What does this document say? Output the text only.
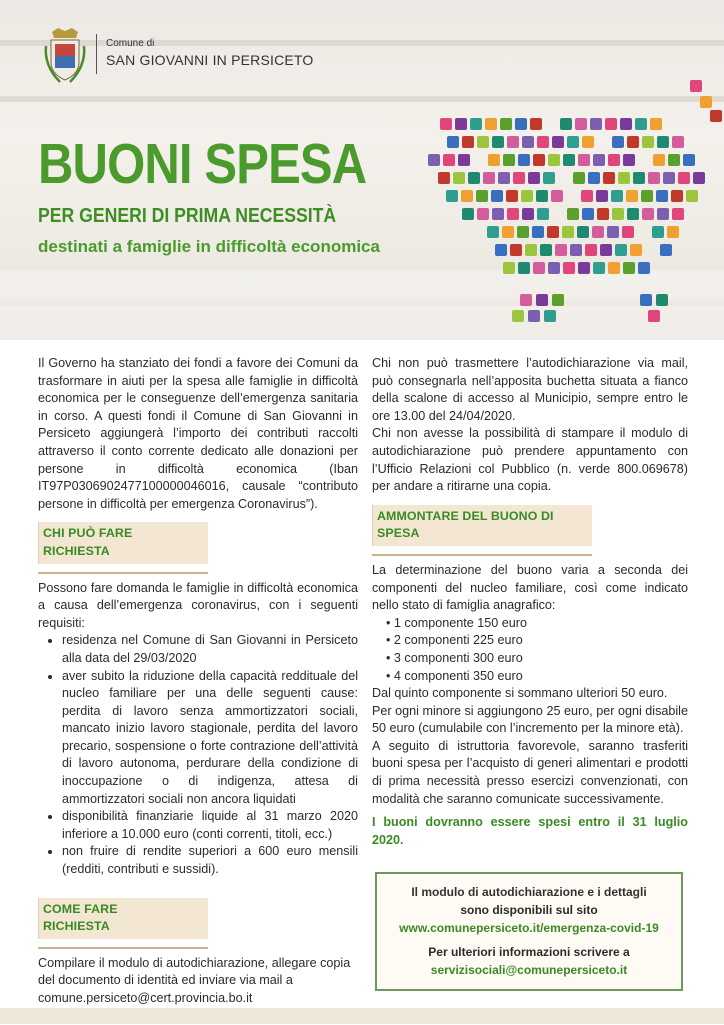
Comune di
SAN GIOVANNI IN PERSICETO
BUONI SPESA
PER GENERI DI PRIMA NECESSITÀ
destinati a famiglie in difficoltà economica

Il Governo ha stanziato dei fondi a favore dei Comuni da trasformare in aiuti per la spesa alle famiglie in difficoltà economica per le conseguenze dell’emergenza sanitaria in corso. A questi fondi il Comune di San Giovanni in Persiceto aggiungerà l’importo dei contributi raccolti attraverso il conto corrente dedicato alle donazioni per persone in difficoltà economica (Iban IT97P0306902477100000046016, causale “contributo persone in difficoltà per emergenza Coronavirus”).

CHI PUÒ FARE RICHIESTA

Possono fare domanda le famiglie in difficoltà economica a causa dell’emergenza coronavirus, con i seguenti requisiti:

• residenza nel Comune di San Giovanni in Persiceto alla data del 29/03/2020
• aver subito la riduzione della capacità reddituale del nucleo familiare per una delle seguenti cause: perdita di lavoro senza ammortizzatori sociali, mancato inizio lavoro stagionale, perdita del lavoro precario, sospensione o forte contrazione dell’attività di lavoro autonoma, perdurare della condizione di inoccupazione o di indigenza, attesa di ammortizzatori sociali non ancora liquidati
• disponibilità finanziarie liquide al 31 marzo 2020 inferiore a 10.000 euro (conti correnti, titoli, ecc.)
• non fruire di rendite superiori a 600 euro mensili (redditi, contributi e sussidi).
COME FARE RICHIESTA

Compilare il modulo di autodichiarazione, allegare copia del documento di identità ed inviare via mail a comune.persiceto@cert.provincia.bo.it

Chi non può trasmettere l’autodichiarazione via mail, può consegnarla nell’apposita buchetta situata a fianco della scalone di accesso al Municipio, sempre entro le ore 13.00 del 24/04/2020.

Chi non avesse la possibilità di stampare il modulo di autodichiarazione può prendere appuntamento con l’Ufficio Relazioni col Pubblico (n. verde 800.069678) per andare a ritirarne una copia.

AMMONTARE DEL BUONO DI SPESA

La determinazione del buono varia a seconda dei componenti del nucleo familiare, così come indicato nello stato di famiglia anagrafico:

• 1 componente 150 euro
• 2 componenti 225 euro
• 3 componenti 300 euro
• 4 componenti 350 euro

Dal quinto componente si sommano ulteriori 50 euro.

Per ogni minore si aggiungono 25 euro, per ogni disabile 50 euro (cumulabile con l’incremento per la minore età).

A seguito di istruttoria favorevole, saranno trasferiti buoni spesa per l’acquisto di generi alimentari e prodotti di prima necessità presso esercizi convenzionati, con modalità che saranno comunicate successivamente.

I buoni dovranno essere spesi entro il 31 luglio 2020.

Il modulo di autodichiarazione e i dettagli
sono disponibili sul sito
www.comunepersiceto.it/emergenza-covid-19
Per ulteriori informazioni scrivere a
servizisociali@comunepersiceto.it
